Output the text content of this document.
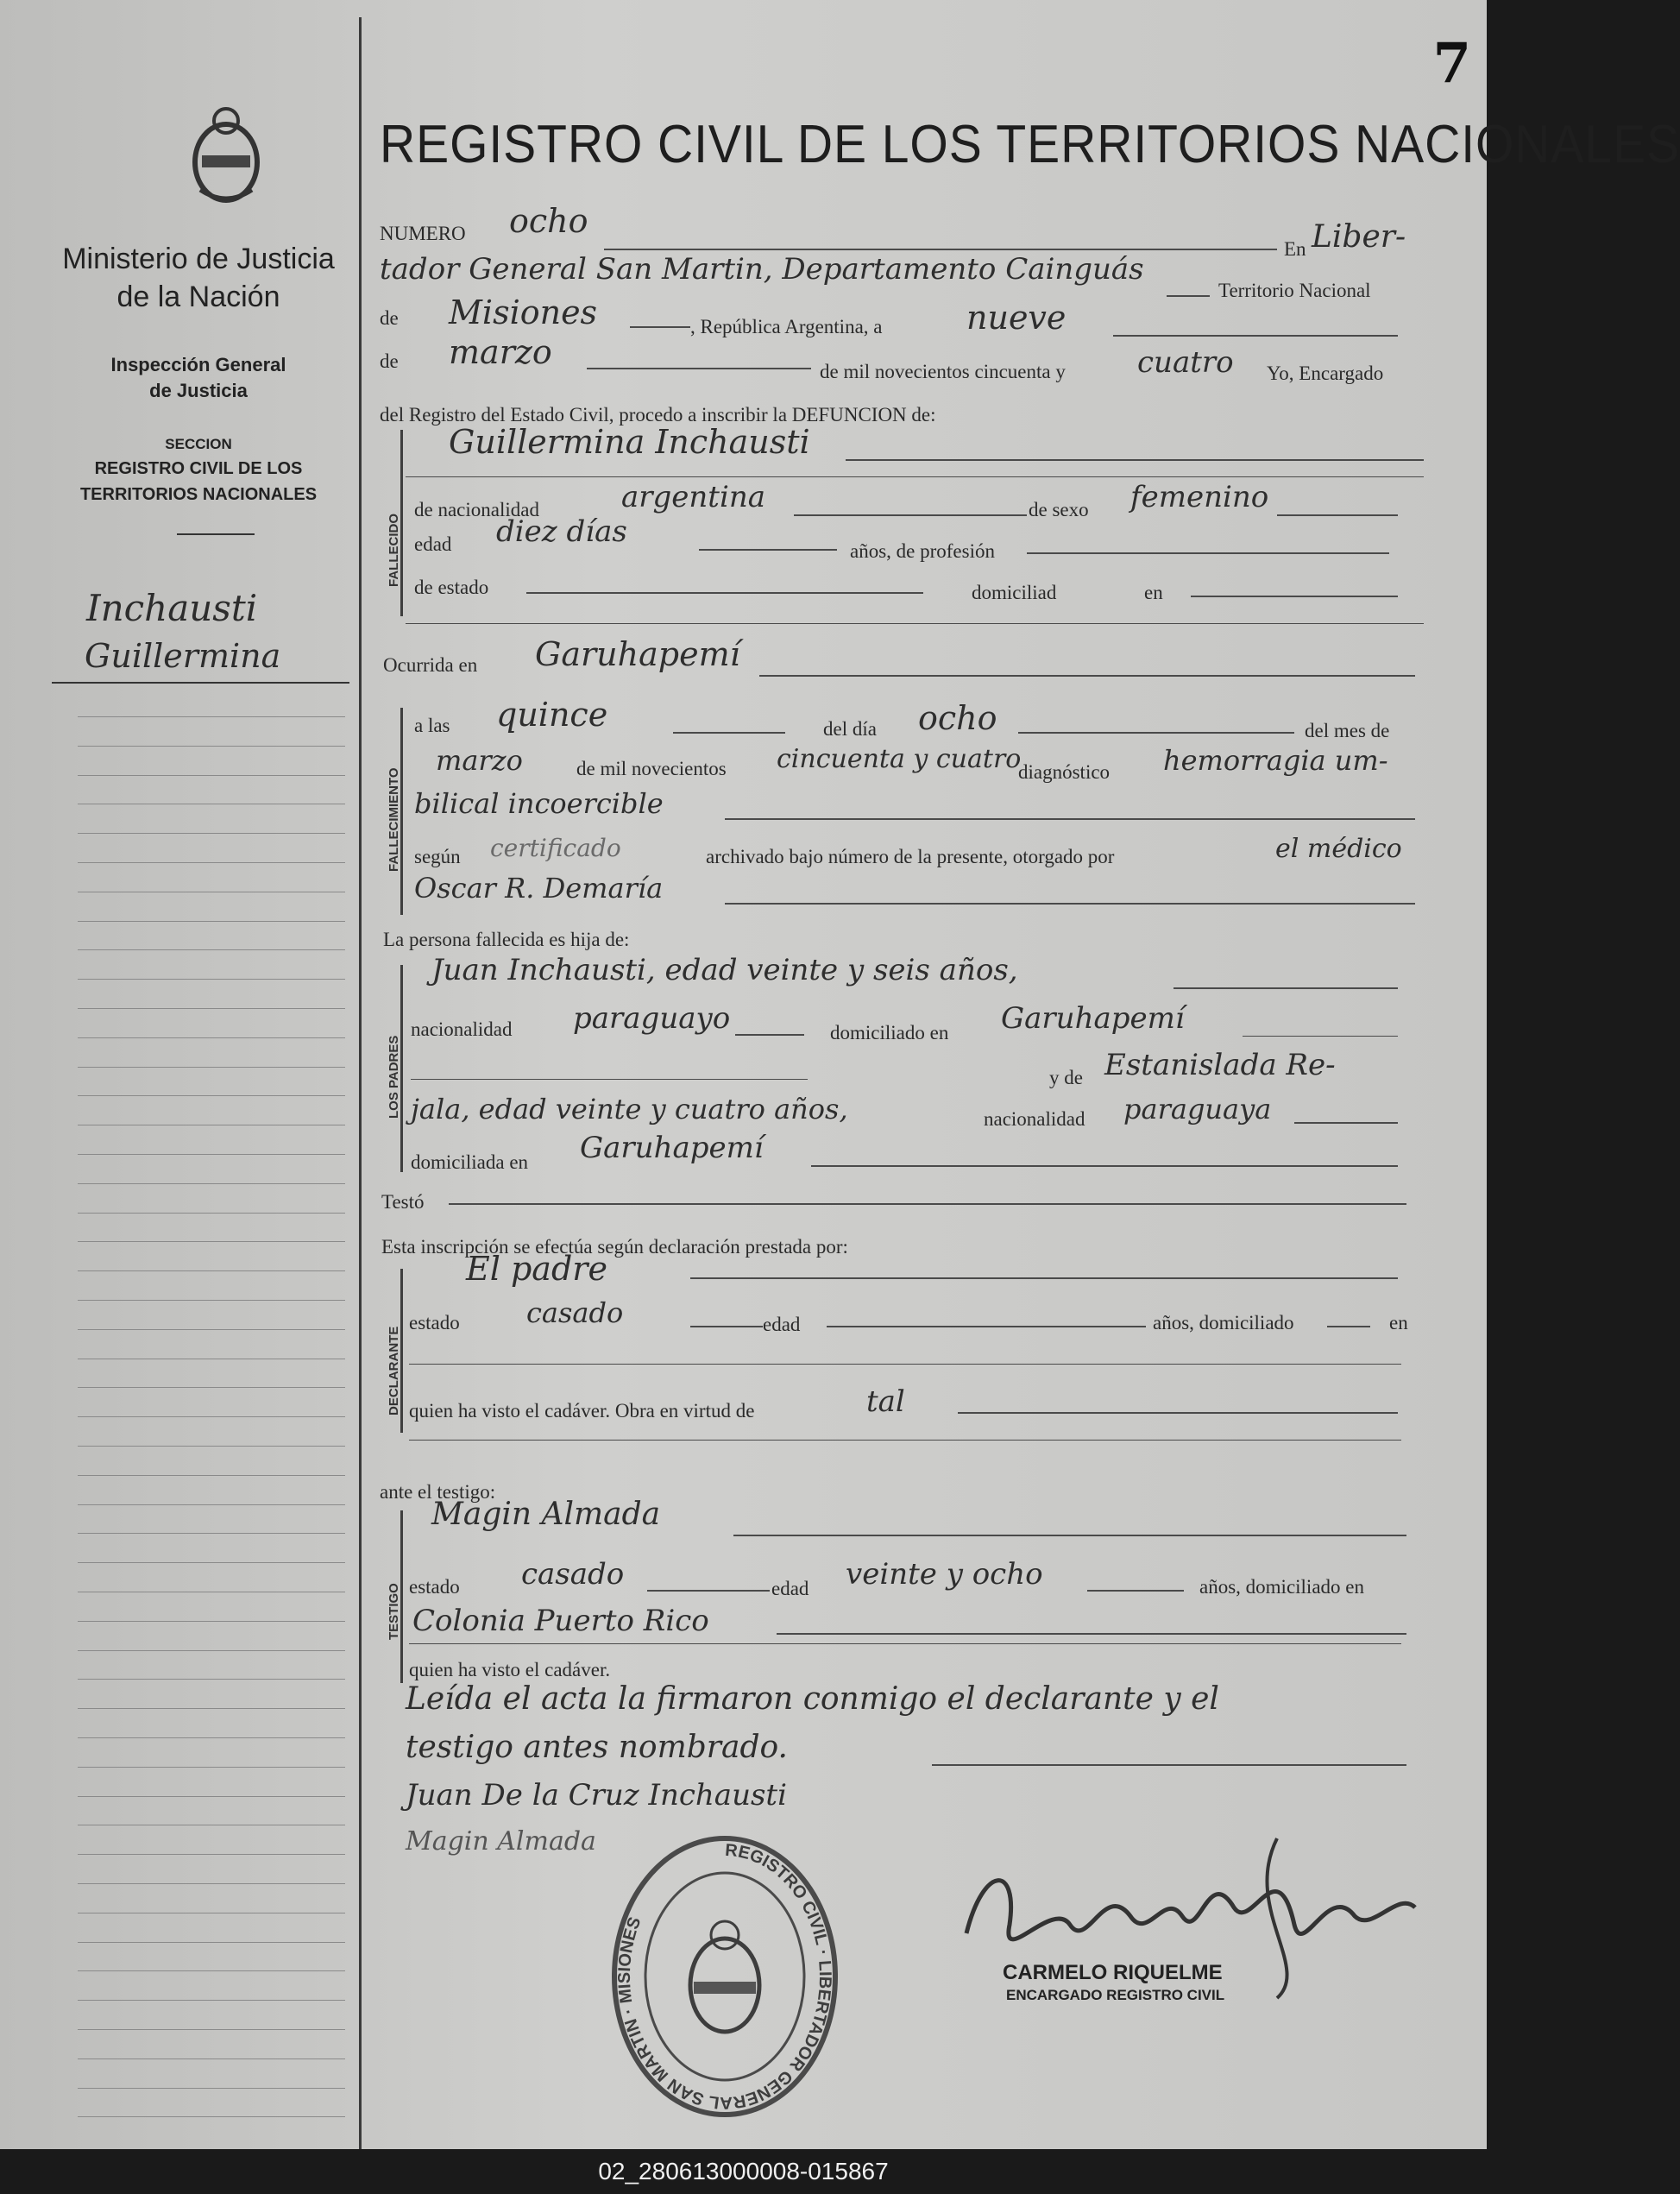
7
Ministerio de Justicia
de la Nación
Inspección General
de Justicia
SECCION
REGISTRO CIVIL DE LOS
TERRITORIOS NACIONALES
Inchausti
Guillermina
REGISTRO CIVIL DE LOS TERRITORIOS NACIONALES
NUMERO ocho
En Liber-
tador General San Martin, Departamento Cainguás
Territorio Nacional
de Misiones	, República Argentina, a	nueve
de marzo
de mil novecientos cincuenta y cuatro Yo, Encargado
del Registro del Estado Civil, procedo a inscribir la DEFUNCION de:
FALLECIDO
Guillermina Inchausti
de nacionalidad	argentina	de sexo femenino
edad diez días
años, de profesión
de estado	domiciliad	en
Ocurrida en Garuhapemí
FALLECIMIENTO
a las quince	del día ocho	del mes de
de mil novecientos
marzo	cincuenta y cuatro
diagnóstico hemorragia um-
bilical incoercible
según certificado	archivado bajo número de la presente, otorgado por	el médico
Oscar R. Demaría
La persona fallecida es hija de:
LOS PADRES
Juan Inchausti, edad veinte y seis años,
nacionalidad paraguayo	domiciliado en Garuhapemí
y de Estanislada Re-
jala, edad veinte y cuatro años,	nacionalidad paraguaya
domiciliada en Garuhapemí
Testó
Esta inscripción se efectúa según declaración prestada por:
DECLARANTE
El padre
estado casado	edad	años, domiciliado	en
quien ha visto el cadáver. Obra en virtud de	tal
ante el testigo:
TESTIGO
Magin Almada
estado casado	edad veinte y ocho	años, domiciliado en
Colonia Puerto Rico
quien ha visto el cadáver.
Leída el acta la firmaron conmigo el declarante y el
testigo antes nombrado.
Juan De la Cruz Inchausti
Magin Almada	REGISTRO CIVIL · LIBERTADOR GENERAL SAN MARTIN · MISIONES
CARMELO RIQUELME
ENCARGADO REGISTRO CIVIL
02_280613000008-015867
